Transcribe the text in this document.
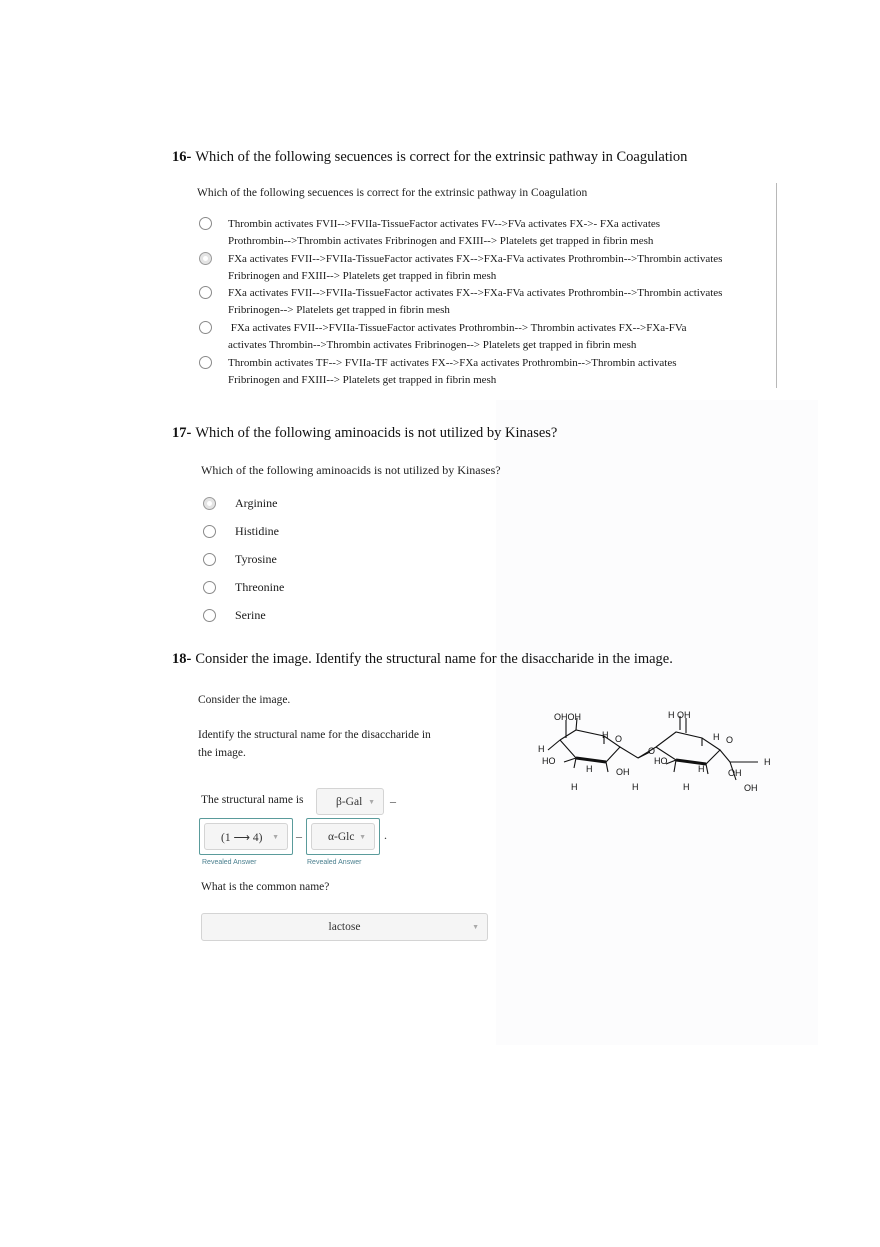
16- Which of the following secuences is correct for the extrinsic pathway in Coagulation
Which of the following secuences is correct for the extrinsic pathway in Coagulation
Thrombin activates FVII-->FVIIa-TissueFactor activates FV-->FVa activates FX->- FXa activates
Prothrombin-->Thrombin activates Fribrinogen and FXIII--> Platelets get trapped in fibrin mesh
FXa activates FVII-->FVIIa-TissueFactor activates FX-->FXa-FVa activates Prothrombin-->Thrombin activates
Fribrinogen and FXIII--> Platelets get trapped in fibrin mesh
FXa activates FVII-->FVIIa-TissueFactor activates FX-->FXa-FVa activates Prothrombin-->Thrombin activates
Fribrinogen--> Platelets get trapped in fibrin mesh
FXa activates FVII-->FVIIa-TissueFactor activates Prothrombin--> Thrombin activates FX-->FXa-FVa
activates Thrombin-->Thrombin activates Fribrinogen--> Platelets get trapped in fibrin mesh
Thrombin activates TF--> FVIIa-TF activates FX-->FXa activates Prothrombin-->Thrombin activates
Fribrinogen and FXIII--> Platelets get trapped in fibrin mesh
17- Which of the following aminoacids is not utilized by Kinases?
Which of the following aminoacids is not utilized by Kinases?
Arginine
Histidine
Tyrosine
Threonine
Serine
18- Consider the image. Identify the structural name for the disaccharide in the image.
Consider the image.
Identify the structural name for the disaccharide in
the image.
The structural name is	β-Gal ▼ –
(1 ⟶ 4) ▼ – α-Glc ▼ .
Revealed Answer	Revealed Answer
What is the common name?
lactose	▼
OHOH	H OH
H
HO
H O
O
H	OH
H	H
HO
H O
H	OH
H
H	OH
